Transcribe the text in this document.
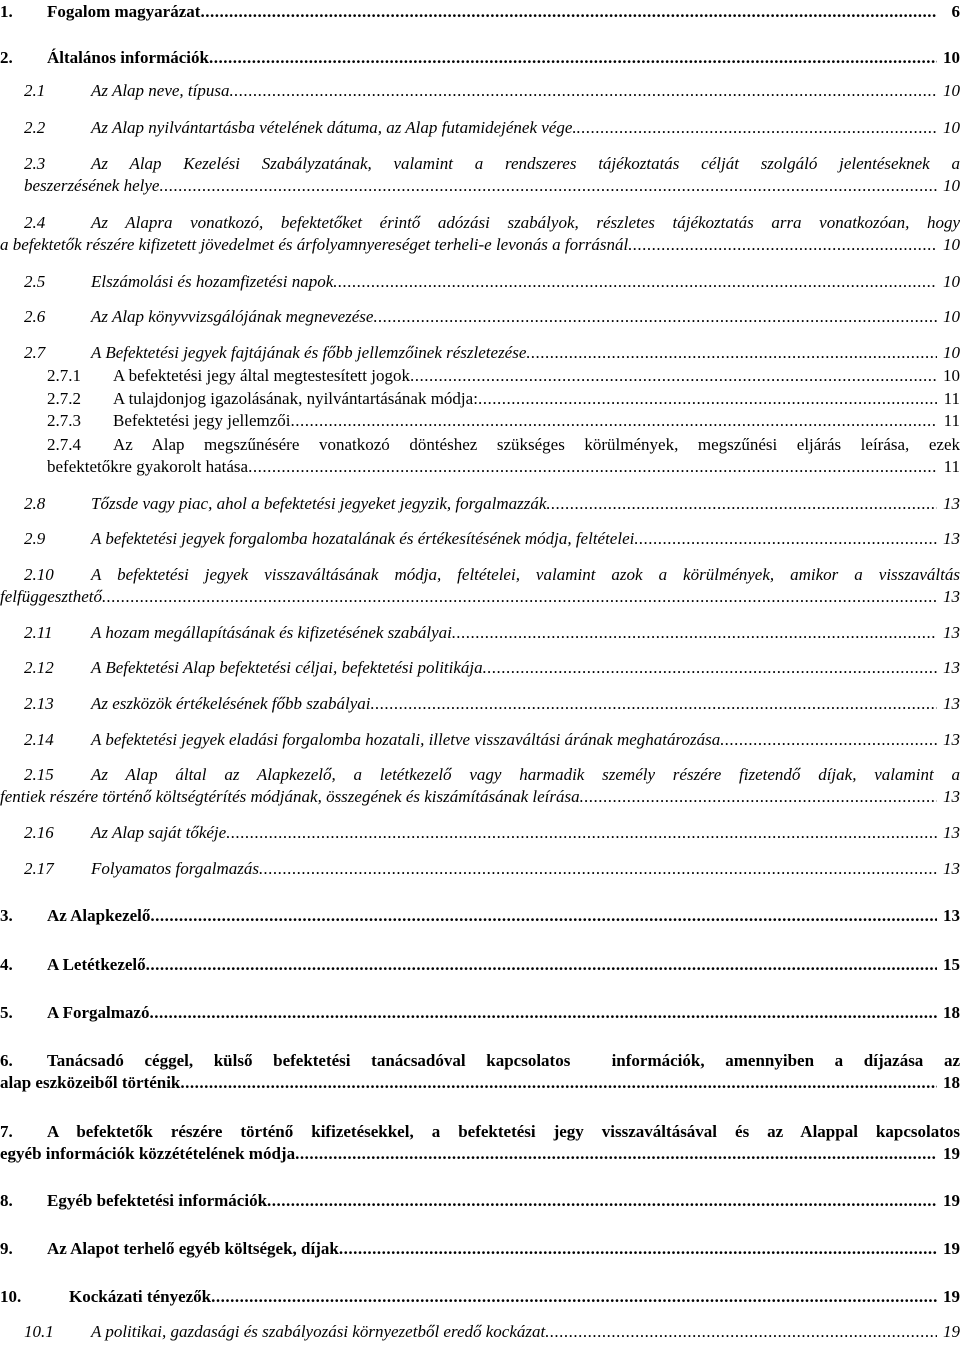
1.	Fogalom magyarázat .....	6
2.	Általános információk .....	10
2.1	Az Alap neve, típusa .....	10
2.2	Az Alap nyilvántartásba vételének dátuma, az Alap futamidejének vége. .....	10
2.3	Az Alap Kezelési Szabályzatának, valamint a rendszeres tájékoztatás célját szolgáló jelentéseknek a
beszerzésének helye .....	10
2.4	Az Alapra vonatkozó, befektetőket érintő adózási szabályok, részletes tájékoztatás arra vonatkozóan, hogy
a befektetők részére kifizetett jövedelmet és árfolyamnyereséget terheli-e levonás a forrásnál .....	10
2.5	Elszámolási és hozamfizetési napok .....	10
2.6	Az Alap könyvvizsgálójának megnevezése .....	10
2.7	A Befektetési jegyek fajtájának és főbb jellemzőinek részletezése .....	10
2.7.1	A befektetési jegy által megtestesített jogok .....	10
2.7.2	A tulajdonjog igazolásának, nyilvántartásának módja: .....	11
2.7.3	Befektetési jegy jellemzői .....	11
2.7.4	Az Alap megszűnésére vonatkozó döntéshez szükséges körülmények, megszűnési eljárás leírása, ezek
befektetőkre gyakorolt hatása .....	11
2.8	Tőzsde vagy piac, ahol a befektetési jegyeket jegyzik, forgalmazzák .....	13
2.9	A befektetési jegyek forgalomba hozatalának és értékesítésének módja, feltételei .....	13
2.10	A befektetési jegyek visszaváltásának módja, feltételei, valamint azok a körülmények, amikor a visszaváltás
felfüggeszthető .....	13
2.11	A hozam megállapításának és kifizetésének szabályai .....	13
2.12	A Befektetési Alap befektetési céljai, befektetési politikája .....	13
2.13	Az eszközök értékelésének főbb szabályai .....	13
2.14	A befektetési jegyek eladási forgalomba hozatali, illetve visszaváltási árának meghatározása .....	13
2.15	Az Alap által az Alapkezelő, a letétkezelő vagy harmadik személy részére fizetendő díjak, valamint a
fentiek részére történő költségtérítés módjának, összegének és kiszámításának leírása .....	13
2.16	Az Alap saját tőkéje .....	13
2.17	Folyamatos forgalmazás .....	13
3.	Az Alapkezelő .....	13
4.	A Letétkezelő .....	15
5.	A Forgalmazó .....	18
6.	Tanácsadó céggel, külső befektetési tanácsadóval kapcsolatos  információk, amennyiben a díjazása az
alap eszközeiből történik .....	18
7.	A befektetők részére történő kifizetésekkel, a befektetési jegy visszaváltásával és az Alappal kapcsolatos
egyéb információk közzétételének módja .....	19
8.	Egyéb befektetési információk .....	19
9.	Az Alapot terhelő egyéb költségek, díjak .....	19
10.	Kockázati tényezők .....	19
10.1	A politikai, gazdasági és szabályozási környezetből eredő kockázat .....	19
